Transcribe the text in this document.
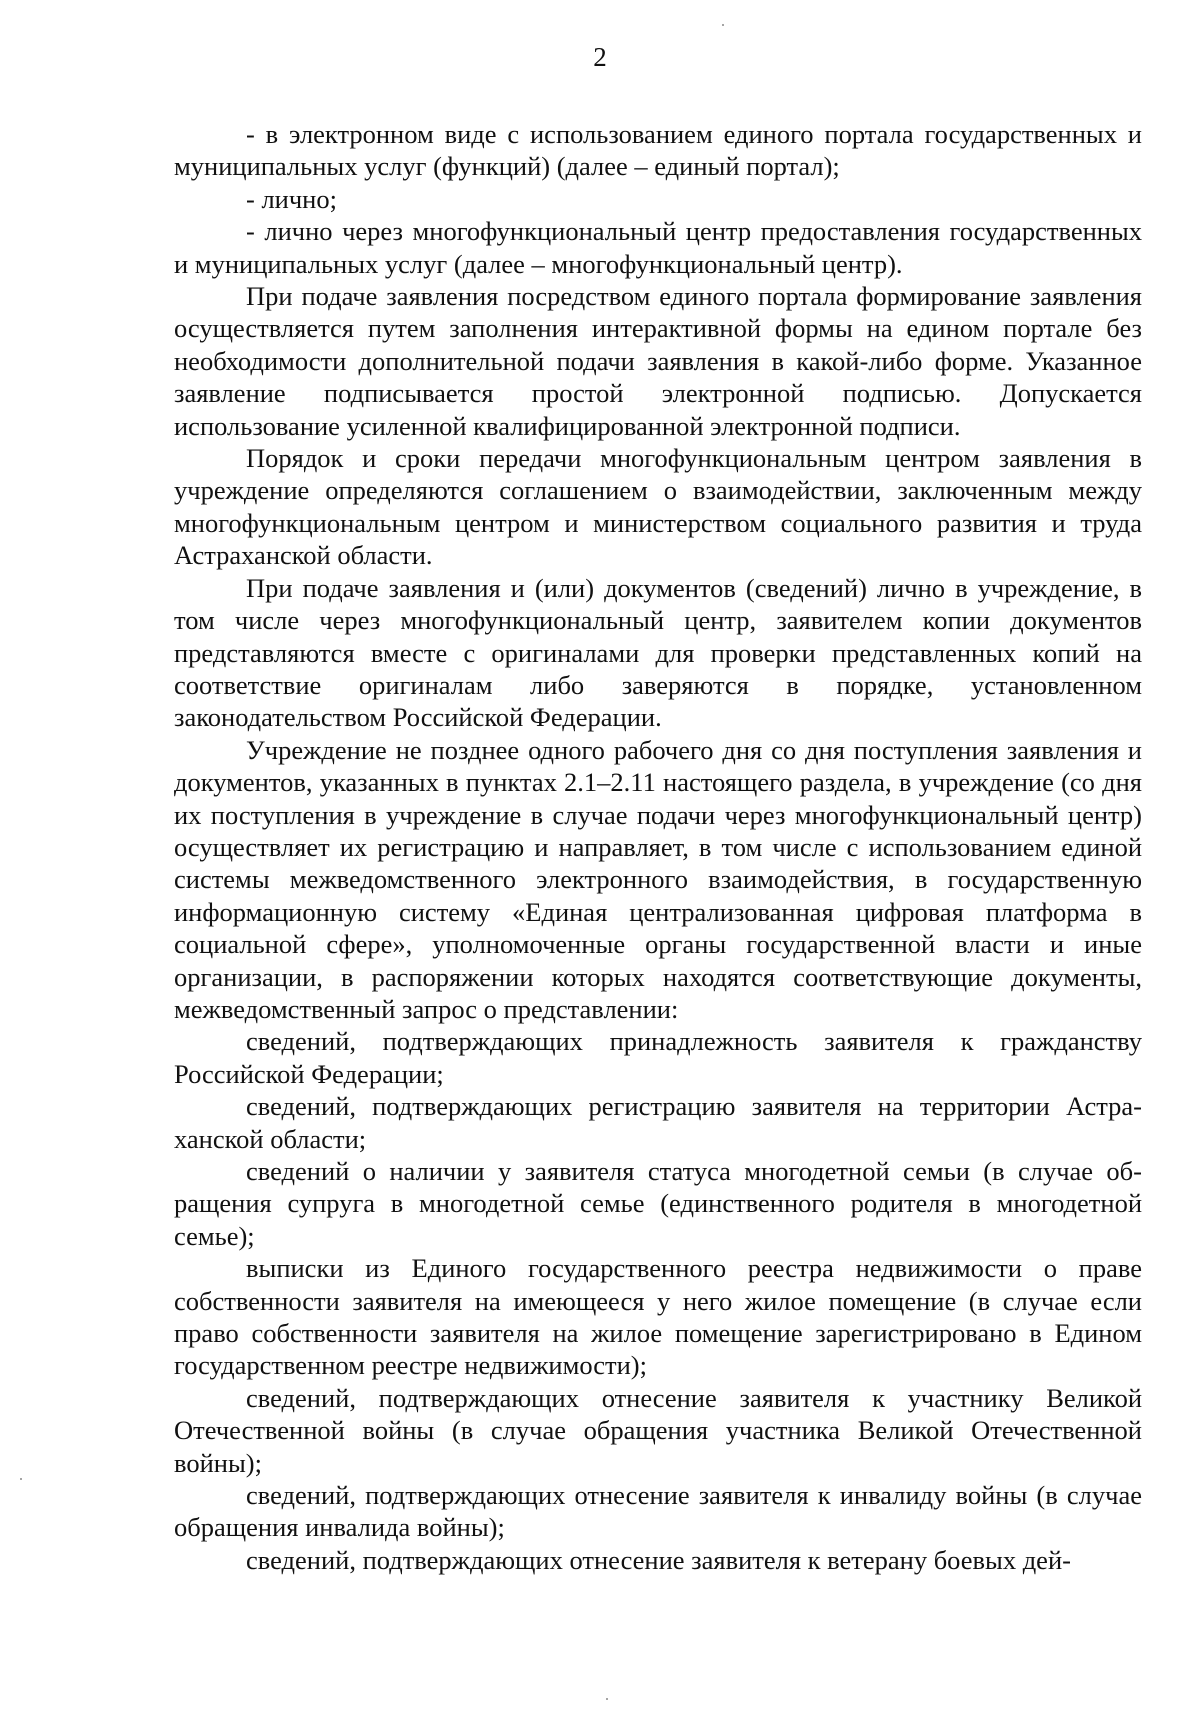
2

- в электронном виде с использованием единого портала государственных и муниципальных услуг (функций) (далее – единый портал);

- лично;

- лично через многофункциональный центр предоставления государственных и муниципальных услуг (далее – многофункциональный центр).

При подаче заявления посредством единого портала формирование заявления осуществляется путем заполнения интерактивной формы на едином портале без необходимости дополнительной подачи заявления в какой-либо форме. Указанное заявление подписывается простой электронной подписью. Допускается использование усиленной квалифицированной электронной подписи.

Порядок и сроки передачи многофункциональным центром заявления в учреждение определяются соглашением о взаимодействии, заключенным между многофункциональным центром и министерством социального развития и труда Астраханской области.

При подаче заявления и (или) документов (сведений) лично в учреждение, в том числе через многофункциональный центр, заявителем копии документов представляются вместе с оригиналами для проверки представленных копий на соответствие оригиналам либо заверяются в порядке, установленном законодательством Российской Федерации.

Учреждение не позднее одного рабочего дня со дня поступления заявления и документов, указанных в пунктах 2.1–2.11 настоящего раздела, в учреждение (со дня их поступления в учреждение в случае подачи через многофункциональный центр) осуществляет их регистрацию и направляет, в том числе с использованием единой системы межведомственного электронного взаимодействия, в государственную информационную систему «Единая централизованная цифровая платформа в социальной сфере», уполномоченные органы государственной власти и иные организации, в распоряжении которых находятся соответствующие документы, межведомственный запрос о представлении:

сведений, подтверждающих принадлежность заявителя к гражданству Российской Федерации;

сведений, подтверждающих регистрацию заявителя на территории Астраханской области;

сведений о наличии у заявителя статуса многодетной семьи (в случае обращения супруга в многодетной семье (единственного родителя в многодетной семье);

выписки из Единого государственного реестра недвижимости о праве собственности заявителя на имеющееся у него жилое помещение (в случае если право собственности заявителя на жилое помещение зарегистрировано в Едином государственном реестре недвижимости);

сведений, подтверждающих отнесение заявителя к участнику Великой Отечественной войны (в случае обращения участника Великой Отечественной войны);

сведений, подтверждающих отнесение заявителя к инвалиду войны (в случае обращения инвалида войны);

сведений, подтверждающих отнесение заявителя к ветерану боевых дей-
